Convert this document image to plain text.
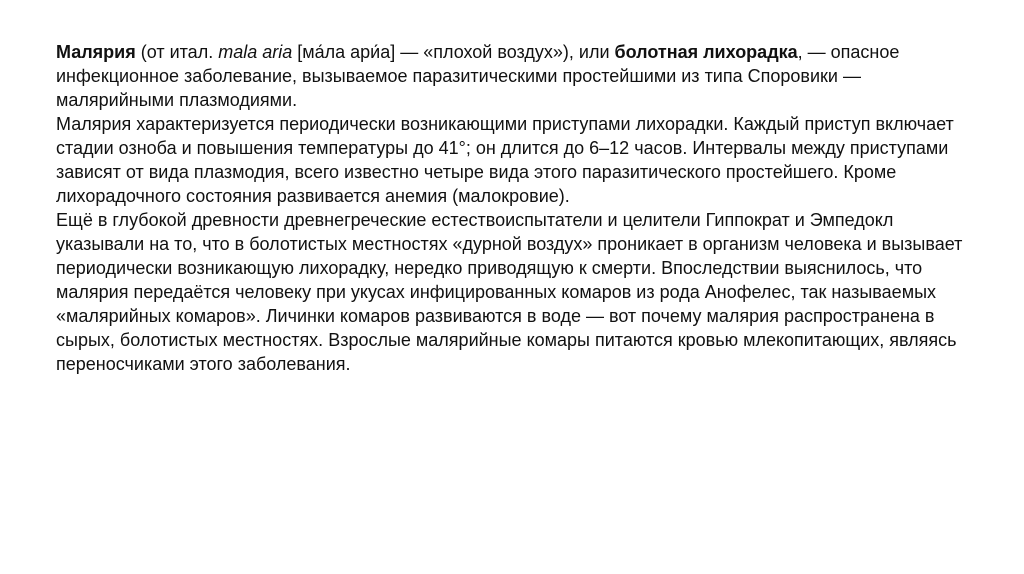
Малярия (от итал. mala aria [ма́ла ари́а] — «плохой воздух»), или болотная лихорадка, — опасное инфекционное заболевание, вызываемое паразитическими простейшими из типа Споровики — малярийными плазмодиями.

Малярия характеризуется периодически возникающими приступами лихорадки. Каждый приступ включает стадии озноба и повышения температуры до 41°; он длится до 6–12 часов. Интервалы между приступами зависят от вида плазмодия, всего известно четыре вида этого паразитического простейшего. Кроме лихорадочного состояния развивается анемия (малокровие).

Ещё в глубокой древности древнегреческие естествоиспытатели и целители Гиппократ и Эмпедокл указывали на то, что в болотистых местностях «дурной воздух» проникает в организм человека и вызывает периодически возникающую лихорадку, нередко приводящую к смерти. Впоследствии выяснилось, что малярия передаётся человеку при укусах инфицированных комаров из рода Анофелес, так называемых «малярийных комаров». Личинки комаров развиваются в воде — вот почему малярия распространена в сырых, болотистых местностях. Взрослые малярийные комары питаются кровью млекопитающих, являясь переносчиками этого заболевания.
